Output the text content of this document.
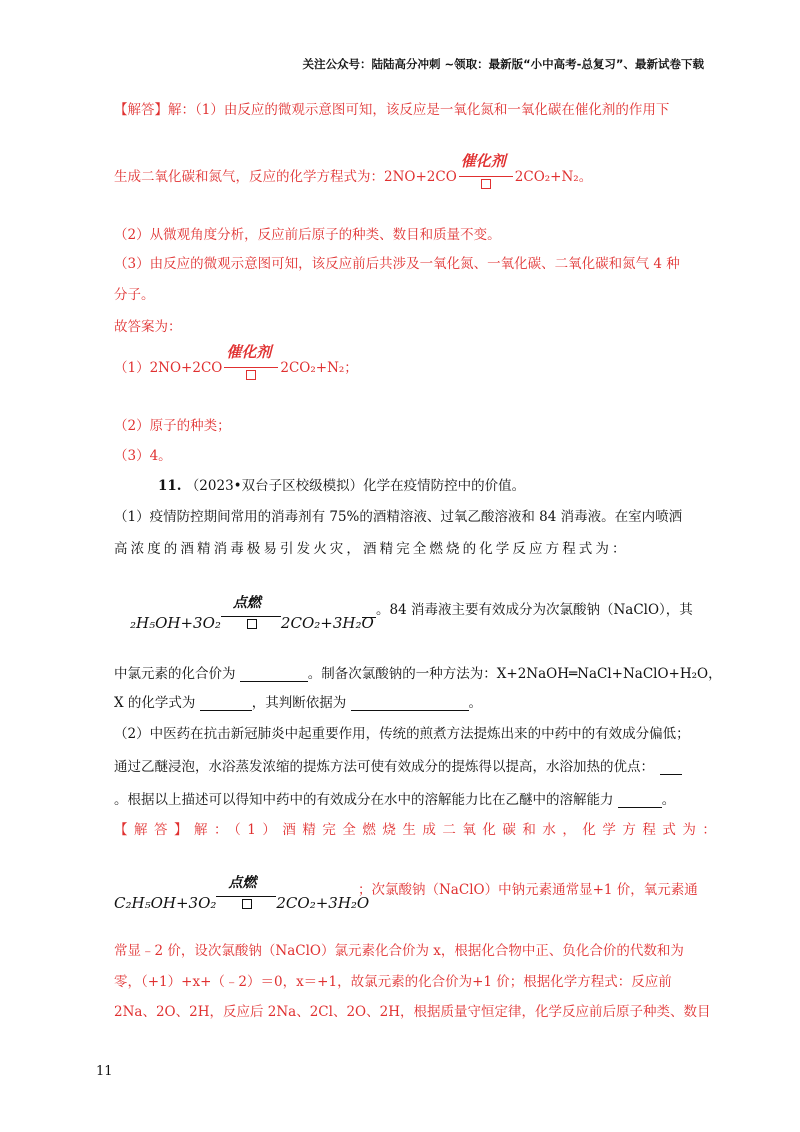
关注公众号：陆陆高分冲刺 ~领取：最新版“小中高考-总复习”、最新试卷下载
【解答】解：（1）由反应的微观示意图可知，该反应是一氧化氮和一氧化碳在催化剂的作用下
生成二氧化碳和氮气，反应的化学方程式为：2NO+2CO
催化剂
2CO₂+N₂。
（2）从微观角度分析，反应前后原子的种类、数目和质量不变。
（3）由反应的微观示意图可知，该反应前后共涉及一氧化氮、一氧化碳、二氧化碳和氮气 4 种
分子。
故答案为：
（1）2NO+2CO
催化剂
2CO₂+N₂；
（2）原子的种类；
（3）4。
11. （2023•双台子区校级模拟）化学在疫情防控中的价值。
（1）疫情防控期间常用的消毒剂有 75%的酒精溶液、过氧乙酸溶液和 84 消毒液。在室内喷洒
高浓度的酒精消毒极易引发火灾，酒精完全燃烧的化学反应方程式为：
₂H₅OH+3O₂
点燃
2CO₂+3H₂O
。84 消毒液主要有效成分为次氯酸钠（NaClO），其
中氯元素的化合价为	。制备次氯酸钠的一种方法为：X+2NaOH═NaCl+NaClO+H₂O，
X 的化学式为	，其判断依据为	。
（2）中医药在抗击新冠肺炎中起重要作用，传统的煎煮方法提炼出来的中药中的有效成分偏低；
通过乙醚浸泡，水浴蒸发浓缩的提炼方法可使有效成分的提炼得以提高，水浴加热的优点：
。根据以上描述可以得知中药中的有效成分在水中的溶解能力比在乙醚中的溶解能力	。
【解答】解：（1）酒精完全燃烧生成二氧化碳和水，化学方程式为：
C₂H₅OH+3O₂
点燃
2CO₂+3H₂O
；次氯酸钠（NaClO）中钠元素通常显+1 价，氧元素通
常显﹣2 价，设次氯酸钠（NaClO）氯元素化合价为 x，根据化合物中正、负化合价的代数和为
零，（+1）+x+（﹣2）＝0，x＝+1，故氯元素的化合价为+1 价；根据化学方程式：反应前
2Na、2O、2H，反应后 2Na、2Cl、2O、2H，根据质量守恒定律，化学反应前后原子种类、数目
11
